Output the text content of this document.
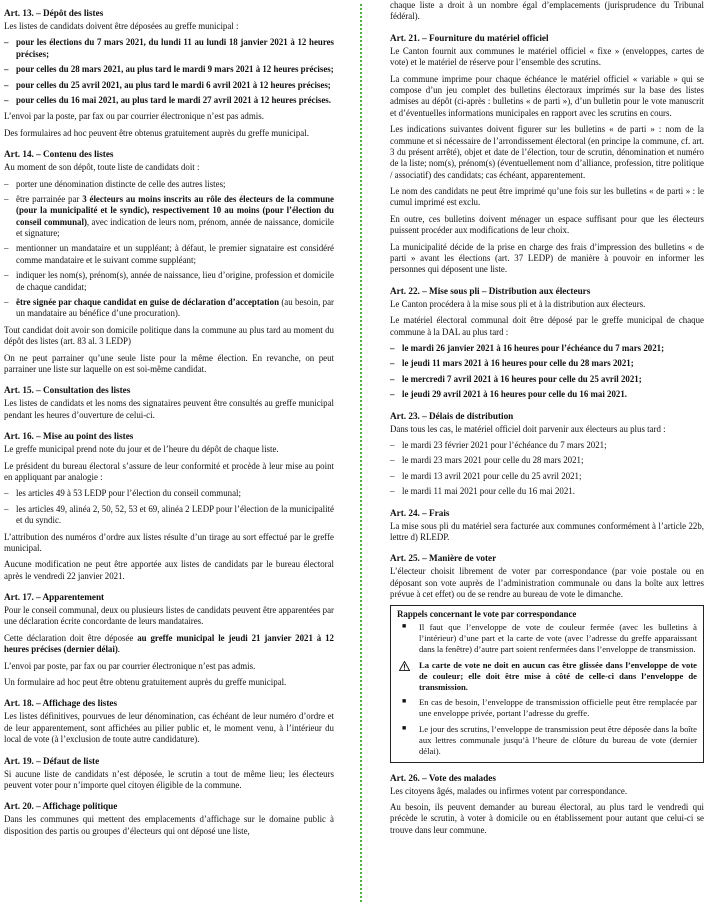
Art. 13. – Dépôt des listes

Les listes de candidats doivent être déposées au greffe municipal :

– pour les élections du 7 mars 2021, du lundi 11 au lundi 18 janvier 2021 à 12 heures précises;
– pour celles du 28 mars 2021, au plus tard le mardi 9 mars 2021 à 12 heures précises;
– pour celles du 25 avril 2021, au plus tard le mardi 6 avril 2021 à 12 heures précises;
– pour celles du 16 mai 2021, au plus tard le mardi 27 avril 2021 à 12 heures précises.

L’envoi par la poste, par fax ou par courrier électronique n’est pas admis.

Des formulaires ad hoc peuvent être obtenus gratuitement auprès du greffe municipal.

Art. 14. – Contenu des listes

Au moment de son dépôt, toute liste de candidats doit :

– porter une dénomination distincte de celle des autres listes;
– être parrainée par 3 électeurs au moins inscrits au rôle des électeurs de la commune (pour la municipalité et le syndic), respectivement 10 au moins (pour l’élection du conseil communal), avec indication de leurs nom, prénom, année de naissance, domicile et signature;
– mentionner un mandataire et un suppléant; à défaut, le premier signataire est considéré comme mandataire et le suivant comme suppléant;
– indiquer les nom(s), prénom(s), année de naissance, lieu d’origine, profession et domicile de chaque candidat;
– être signée par chaque candidat en guise de déclaration d’acceptation (au besoin, par un mandataire au bénéfice d’une procuration).

Tout candidat doit avoir son domicile politique dans la commune au plus tard au moment du dépôt des listes (art. 83 al. 3 LEDP)

On ne peut parrainer qu’une seule liste pour la même élection. En revanche, on peut parrainer une liste sur laquelle on est soi-même candidat.

Art. 15. – Consultation des listes

Les listes de candidats et les noms des signataires peuvent être consultés au greffe municipal pendant les heures d’ouverture de celui-ci.

Art. 16. – Mise au point des listes

Le greffe municipal prend note du jour et de l’heure du dépôt de chaque liste.

Le président du bureau électoral s’assure de leur conformité et procède à leur mise au point en appliquant par analogie :

– les articles 49 à 53 LEDP pour l’élection du conseil communal;
– les articles 49, alinéa 2, 50, 52, 53 et 69, alinéa 2 LEDP pour l’élection de la municipalité et du syndic.

L’attribution des numéros d’ordre aux listes résulte d’un tirage au sort effectué par le greffe municipal.

Aucune modification ne peut être apportée aux listes de candidats par le bureau électoral après le vendredi 22 janvier 2021.

Art. 17. – Apparentement

Pour le conseil communal, deux ou plusieurs listes de candidats peuvent être apparentées par une déclaration écrite concordante de leurs mandataires.

Cette déclaration doit être déposée au greffe municipal le jeudi 21 janvier 2021 à 12 heures précises (dernier délai).

L’envoi par poste, par fax ou par courrier électronique n’est pas admis.

Un formulaire ad hoc peut être obtenu gratuitement auprès du greffe municipal.

Art. 18. – Affichage des listes

Les listes définitives, pourvues de leur dénomination, cas échéant de leur numéro d’ordre et de leur apparentement, sont affichées au pilier public et, le moment venu, à l’intérieur du local de vote (à l’exclusion de toute autre candidature).

Art. 19. – Défaut de liste

Si aucune liste de candidats n’est déposée, le scrutin a tout de même lieu; les électeurs peuvent voter pour n’importe quel citoyen éligible de la commune.

Art. 20. – Affichage politique

Dans les communes qui mettent des emplacements d’affichage sur le domaine public à disposition des partis ou groupes d’électeurs qui ont déposé une liste,

chaque liste a droit à un nombre égal d’emplacements (jurisprudence du Tribunal fédéral).

Art. 21. – Fourniture du matériel officiel

Le Canton fournit aux communes le matériel officiel « fixe » (enveloppes, cartes de vote) et le matériel de réserve pour l’ensemble des scrutins.

La commune imprime pour chaque échéance le matériel officiel « variable » qui se compose d’un jeu complet des bulletins électoraux imprimés sur la base des listes admises au dépôt (ci-après : bulletins « de parti »), d’un bulletin pour le vote manuscrit et d’éventuelles informations municipales en rapport avec les scrutins en cours.

Les indications suivantes doivent figurer sur les bulletins « de parti » : nom de la commune et si nécessaire de l’arrondissement électoral (en principe la commune, cf. art. 3 du présent arrêté), objet et date de l’élection, tour de scrutin, dénomination et numéro de la liste; nom(s), prénom(s) (éventuellement nom d’alliance, profession, titre politique / associatif) des candidats; cas échéant, apparentement.

Le nom des candidats ne peut être imprimé qu’une fois sur les bulletins « de parti » : le cumul imprimé est exclu.

En outre, ces bulletins doivent ménager un espace suffisant pour que les électeurs puissent procéder aux modifications de leur choix.

La municipalité décide de la prise en charge des frais d’impression des bulletins « de parti » avant les élections (art. 37 LEDP) de manière à pouvoir en informer les personnes qui déposent une liste.

Art. 22. – Mise sous pli – Distribution aux électeurs

Le Canton procédera à la mise sous pli et à la distribution aux électeurs.

Le matériel électoral communal doit être déposé par le greffe municipal de chaque commune à la DAL au plus tard :

– le mardi 26 janvier 2021 à 16 heures pour l’échéance du 7 mars 2021;
– le jeudi 11 mars 2021 à 16 heures pour celle du 28 mars 2021;
– le mercredi 7 avril 2021 à 16 heures pour celle du 25 avril 2021;
– le jeudi 29 avril 2021 à 16 heures pour celle du 16 mai 2021.
Art. 23. – Délais de distribution

Dans tous les cas, le matériel officiel doit parvenir aux électeurs au plus tard :

– le mardi 23 février 2021 pour l’échéance du 7 mars 2021;
– le mardi 23 mars 2021 pour celle du 28 mars 2021;
– le mardi 13 avril 2021 pour celle du 25 avril 2021;
– le mardi 11 mai 2021 pour celle du 16 mai 2021.
Art. 24. – Frais

La mise sous pli du matériel sera facturée aux communes conformément à l’article 22b, lettre d) RLEDP.

Art. 25. – Manière de voter

L’électeur choisit librement de voter par correspondance (par voie postale ou en déposant son vote auprès de l’administration communale ou dans la boîte aux lettres prévue à cet effet) ou de se rendre au bureau de vote le dimanche.

Rappels concernant le vote par correspondance
■ Il faut que l’enveloppe de vote de couleur fermée (avec les bulletins à l’intérieur) d’une part et la carte de vote (avec l’adresse du greffe apparaissant dans la fenêtre) d’autre part soient renfermées dans l’enveloppe de transmission.
La carte de vote ne doit en aucun cas être glissée dans l’enveloppe de vote de couleur; elle doit être mise à côté de celle-ci dans l’enveloppe de transmission.
■ En cas de besoin, l’enveloppe de transmission officielle peut être remplacée par une enveloppe privée, portant l’adresse du greffe.
■ Le jour des scrutins, l’enveloppe de transmission peut être déposée dans la boîte aux lettres communale jusqu’à l’heure de clôture du bureau de vote (dernier délai).
Art. 26. – Vote des malades

Les citoyens âgés, malades ou infirmes votent par correspondance.

Au besoin, ils peuvent demander au bureau électoral, au plus tard le vendredi qui précède le scrutin, à voter à domicile ou en établissement pour autant que celui-ci se trouve dans leur commune.
